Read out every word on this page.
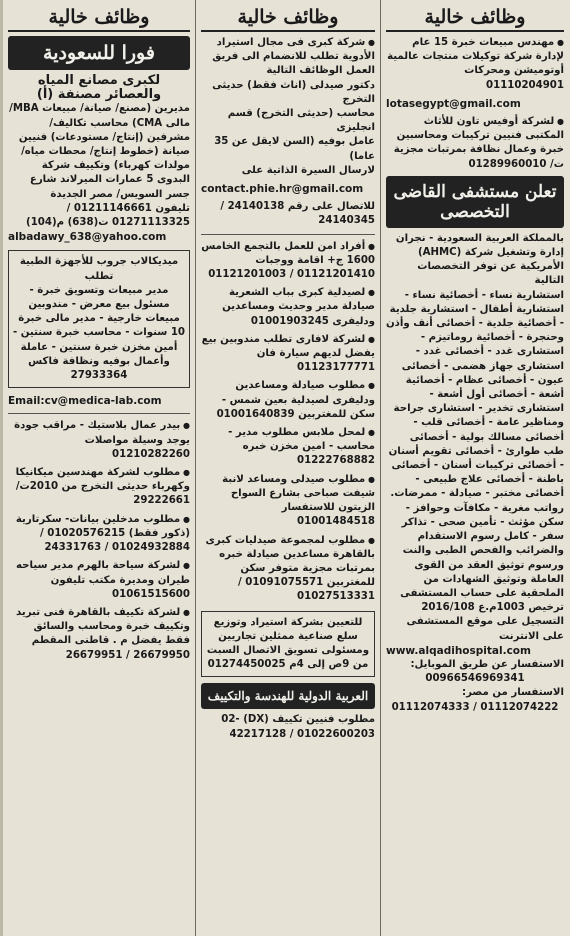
وظائف خالية
● مهندس مبيعات خبرة 15 عام لإدارة شركة توكيلات منتجات عالمية أوتوميشن ومحركات 01110204901
lotasegypt@gmail.com
● لشركة أوفيس تاون للأثاث المكتبى فنيين تركيبات ومحاسبين خبرة وعمال نظافة بمرتبات مجزية ت/ 01289960010
تعلن مستشفى القاضى التخصصى
بالمملكة العربية السعودية - نجران إدارة وتشغيل شركة (AHMC) الأمريكية عن توفر التخصصات التالية
استشارية نساء - أخصائية نساء - استشارية أطفال - استشارية جلدية - أخصائية جلدية - أخصائى أنف وأذن وحنجرة - أخصائية روماتيزم - استشارى غدد - أخصائى غدد - استشارى جهاز هضمى - أخصائى عيون - أخصائى عظام - أخصائية أشعة - أخصائى أول أشعة - استشارى تخدير - استشارى جراحة ومناظير عامة - أخصائى قلب - أخصائى مسالك بولية - أخصائى طب طوارئ - أخصائى تقويم أسنان - أخصائى تركيبات أسنان - أخصائى باطنة - أخصائى علاج طبيعى - أخصائى مختبر - صيادلة - ممرضات.
رواتب مغرية - مكافآت وحوافز - سكن مؤثث - تأمين صحى - تذاكر سفر - كامل رسوم الاستقدام والضرائب والفحص الطبى والنت ورسوم توثيق العقد من القوى العاملة وتوثيق الشهادات من الملحقية على حساب المستشفى ترخيص 1003م.ع 2016/108
التسجيل على موقع المستشفى على الانترنت
www.alqadihospital.com
الاستفسار عن طريق الموبايل:
00966546969341
الاستفسار من مصر:
01112074222 / 01112074333
وظائف خالية
● شركة كبرى فى مجال استيراد الأدوية تطلب للانضمام الى فريق العمل الوظائف التالية
دكتور صيدلى (اناث فقط) حديثى التخرج
محاسب (حديثى التخرج) قسم انجليزى
عامل بوفيه (السن لايقل عن 35 عاما)
لارسال السيرة الذاتية على
contact.phie.hr@gmail.com
للاتصال على رقم 24140138 / 24140345
● أفراد امن للعمل بالتجمع الخامس 1600 ج+ اقامة ووجبات 01121201410 / 01121201003
● لصيدلية كبرى بباب الشعرية صيادلة مدير وحديث ومساعدين ودليفرى 01001903245
● لشركة لافارى تطلب مندوبين بيع يفضل لديهم سيارة فان 01123177771
● مطلوب صيادلة ومساعدين ودليفرى لصيدلية بعين شمس - سكن للمغتربين 01001640839
● لمحل ملابس مطلوب مدير - محاسب - امين مخزن خبره 01222768882
● مطلوب صيدلى ومساعد لانبة شيفت صباحى بشارع السواح الزيتون للاستفسار 01001484518
● مطلوب لمجموعة صيدليات كبرى بالقاهرة مساعدين صيادلة خبره بمرتبات مجزية متوفر سكن للمغتربين 01091075571 / 01027513331
للتعيين بشركة استيراد وتوزيع سلع صناعية ممثلين تجاريين ومسئولى تسويق الاتصال السبت من 9ص إلى 4م 01274450025
العربية الدولية للهندسة والتكييف
مطلوب فنيين تكييف (DX) 02-42217128 / 01022600203
وظائف خالية
فورا للسعودية
لكبرى مصانع المياه والعصائر مصنفة (أ)
مديرين (مصنع/ صيانة/ مبيعات MBA/ مالى CMA) محاسب تكاليف/ مشرفين (إنتاج/ مستودعات) فنيين صيانة (خطوط إنتاج/ محطات مياه/ مولدات كهرباء) وتكييف شركة البدوى 5 عمارات الميرلاند شارع جسر السويس/ مصر الجديدة
تليفون 01211146661 / 01271113325 ت(638) م(104)
albadawy_638@yahoo.com
ميديكالاب جروب للأجهزة الطبية تطلب
مدير مبيعات وتسويق خبرة - مسئول بيع معرض - مندوبين مبيعات خارجية - مدير مالى خبرة 10 سنوات - محاسب خبرة سنتين - أمين مخزن خبرة سنتين - عاملة وأعمال بوفيه ونظافة فاكس 27933364
Email:cv@medica-lab.com
● بيدر عمال بلاستيك - مراقب جودة يوجد وسيلة مواصلات 01210282260
● مطلوب لشركة مهندسين ميكانيكا وكهرباء حديثى التخرج من 2010ت/ 29222661
● مطلوب مدخلين بيانات- سكرتارية (ذكور فقط) 01020576215 / 01024932884 / 24331763
● لشركة سياحة بالهرم مدير سياحه طيران ومديرة مكتب تليفون 01061515600
● لشركة تكييف بالقاهرة فنى تبريد وتكييف خبرة ومحاسب والسائق فقط يفضل م . قاطنى المقطم 26679950 / 26679951
